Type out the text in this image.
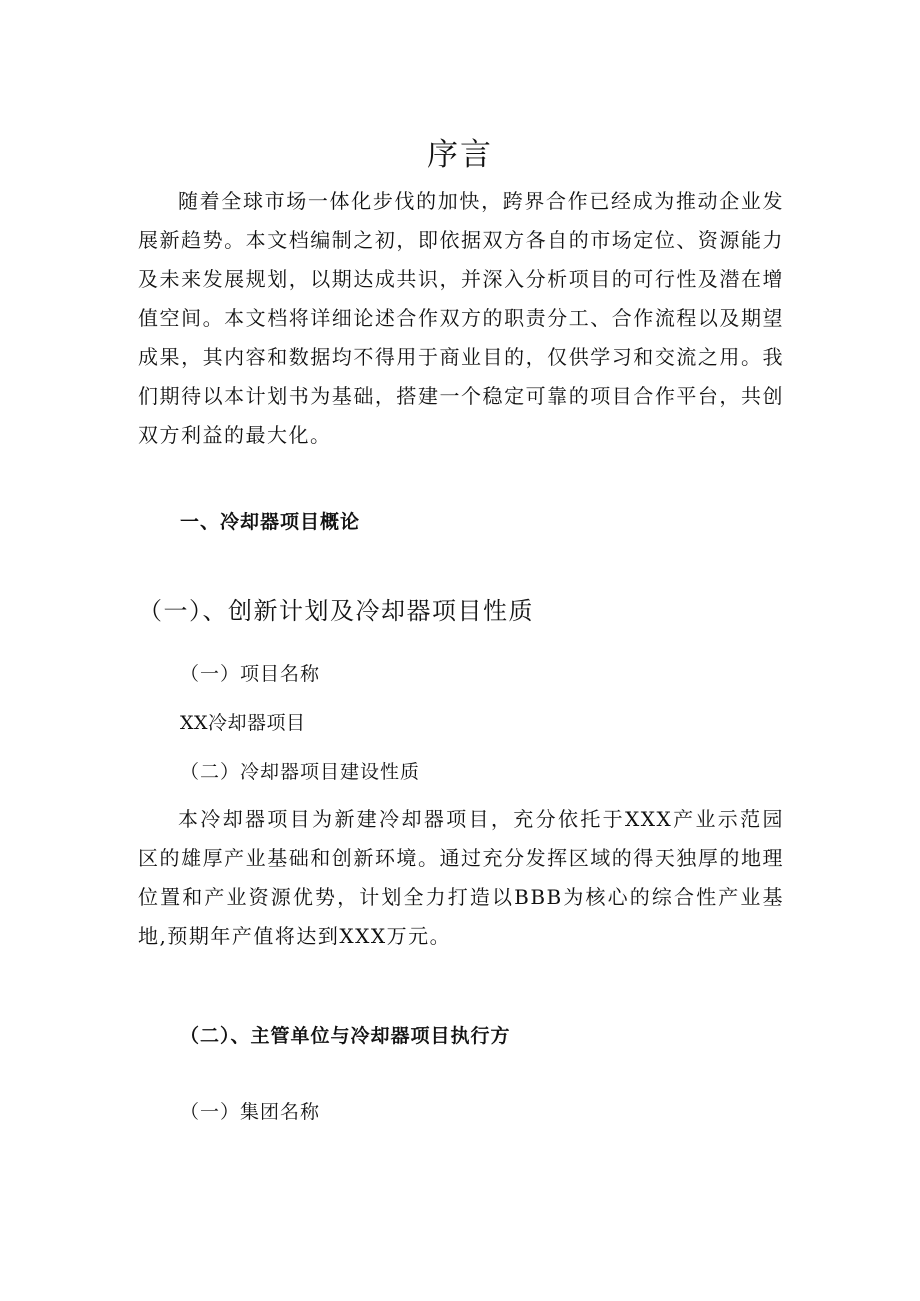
序言

随着全球市场一体化步伐的加快，跨界合作已经成为推动企业发展新趋势。本文档编制之初，即依据双方各自的市场定位、资源能力及未来发展规划，以期达成共识，并深入分析项目的可行性及潜在增值空间。本文档将详细论述合作双方的职责分工、合作流程以及期望成果，其内容和数据均不得用于商业目的，仅供学习和交流之用。我们期待以本计划书为基础，搭建一个稳定可靠的项目合作平台，共创双方利益的最大化。

一、冷却器项目概论
（一）、创新计划及冷却器项目性质
（一）项目名称

XX冷却器项目

（二）冷却器项目建设性质

本冷却器项目为新建冷却器项目，充分依托于XXX产业示范园区的雄厚产业基础和创新环境。通过充分发挥区域的得天独厚的地理位置和产业资源优势，计划全力打造以BBB为核心的综合性产业基地,预期年产值将达到XXX万元。

（二）、主管单位与冷却器项目执行方
（一）集团名称
